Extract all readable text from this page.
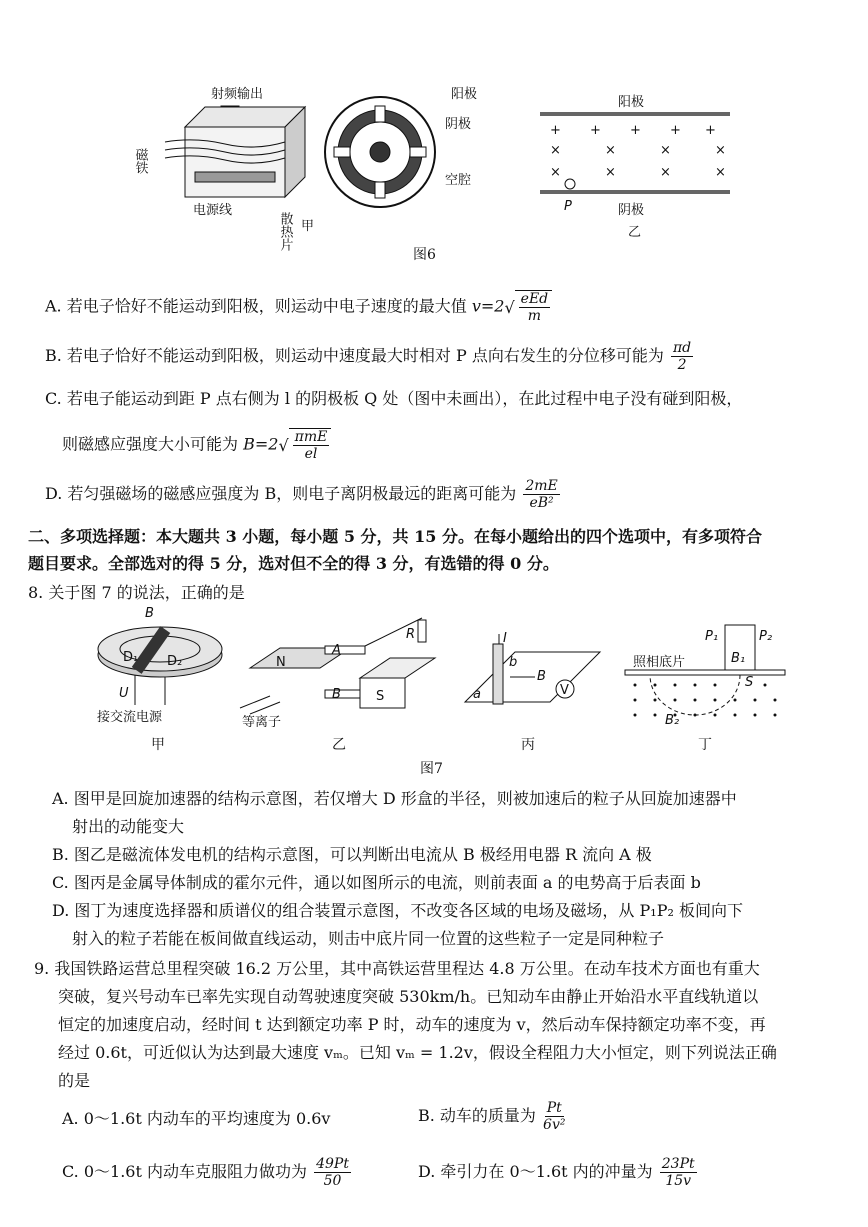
射频输出
磁铁
散热片
电源线
甲
阳极
阴极
空腔
阳极
+ + + + +
×	×	×	×
×	×	×	×
P	阴极
乙
图6
A. 若电子恰好不能运动到阳极，则运动中电子速度的最大值 $v=2√ \frac{\text{eEd}}{m}$
B. 若电子恰好不能运动到阳极，则运动中速度最大时相对 P 点向右发生的分位移可能为 $\frac{\pi d}{2}$
C. 若电子能运动到距 P 点右侧为 l 的阴极板 Q 处（图中未画出），在此过程中电子没有碰到阳极，
则磁感应强度大小可能为 $B=2√ \frac{\text{πmE}}{el}$
D. 若匀强磁场的磁感应强度为 B，则电子离阴极最远的距离可能为 $\frac{2mE}{\text{eB²}}$
二、多项选择题：本大题共 3 小题，每小题 5 分，共 15 分。在每小题给出的四个选项中，有多项符合
题目要求。全部选对的得 5 分，选对但不全的得 3 分，有选错的得 0 分。
8. 关于图 7 的说法，正确的是
B
D₁ D₂
U
接交流电源
甲
N
A
B	S
R
等离子
乙
I
b
a
B
V
丙
P₁	P₂
B₁
S
照相底片
B₂
丁
图7
A. 图甲是回旋加速器的结构示意图，若仅增大 D 形盒的半径，则被加速后的粒子从回旋加速器中
射出的动能变大
B. 图乙是磁流体发电机的结构示意图，可以判断出电流从 B 极经用电器 R 流向 A 极
C. 图丙是金属导体制成的霍尔元件，通以如图所示的电流，则前表面 a 的电势高于后表面 b
D. 图丁为速度选择器和质谱仪的组合装置示意图，不改变各区域的电场及磁场，从 P₁P₂ 板间向下
射入的粒子若能在板间做直线运动，则击中底片同一位置的这些粒子一定是同种粒子
9. 我国铁路运营总里程突破 16.2 万公里，其中高铁运营里程达 4.8 万公里。在动车技术方面也有重大
突破，复兴号动车已率先实现自动驾驶速度突破 530km/h。已知动车由静止开始沿水平直线轨道以
恒定的加速度启动，经时间 t 达到额定功率 P 时，动车的速度为 v，然后动车保持额定功率不变，再
经过 0.6t，可近似认为达到最大速度 vₘ。已知 vₘ = 1.2v，假设全程阻力大小恒定，则下列说法正确
的是
A. 0～1.6t 内动车的平均速度为 0.6v	B. 动车的质量为 $\frac{Pt}{\text{6v²}}$
C. 0～1.6t 内动车克服阻力做功为 $\frac{49Pt}{50}$	D. 牵引力在 0～1.6t 内的冲量为 $\frac{23Pt}{15v}$
